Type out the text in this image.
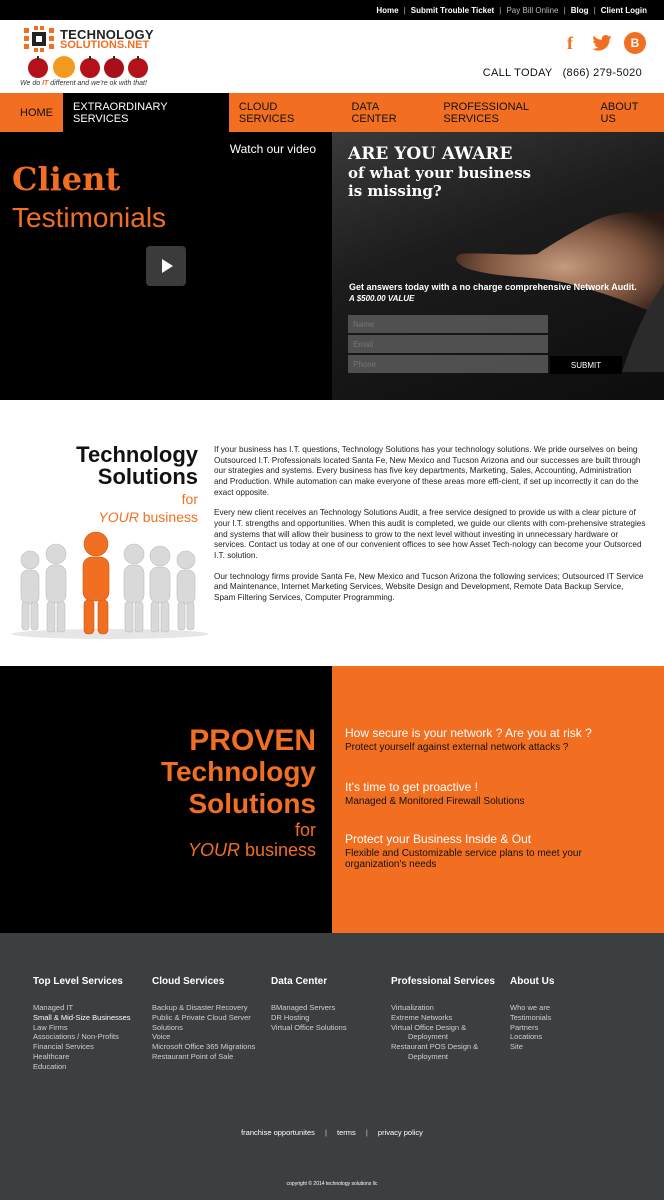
Home | Submit Trouble Ticket | Pay Bill Online | Blog | Client Login
TECHNOLOGY
SOLUTIONS.NET
We do IT different and we're ok with that!
f	B
CALL TODAY (866) 279-5020
HOME	EXTRAORDINARY SERVICES
CLOUD SERVICES
DATA CENTER
PROFESSIONAL SERVICES
ABOUT US
Watch our video
Client
Testimonials
ARE YOU AWARE
of what your business is missing?
Get answers today with a no charge comprehensive Network Audit.
A $500.00 VALUE
Name
Email
Phone
SUBMIT
Technology
Solutions
for
YOUR business

If your business has I.T. questions, Technology Solutions has your technology solutions. We pride ourselves on being Outsourced I.T. Professionals located Santa Fe, New Mexico and Tucson Arizona and our successes are built through our strategies and systems. Every business has five key departments, Marketing, Sales, Accounting, Administration and Production. While automation can make everyone of these areas more effi-cient, if set up incorrectly it can do the exact opposite.

Every new client receives an Technology Solutions Audit, a free service designed to provide us with a clear picture of your I.T. strengths and opportunities. When this audit is completed, we guide our clients with com-prehensive strategies and systems that will allow their business to grow to the next level without investing in unnecessary hardware or services. Contact us today at one of our convenient offices to see how Asset Tech-nology can become your Outsorced I.T. solution.

Our technology firms provide Santa Fe, New Mexico and Tucson Arizona the following services; Outsourced IT Service and Maintenance, Internet Marketing Services, Website Design and Development, Remote Data Backup Service, Spam Filtering Services, Computer Programming.

PROVEN
Technology
Solutions
for
YOUR business
How secure is your network ? Are you at risk ?
Protect yourself against external network attacks ?
It's time to get proactive !
Managed & Monitored Firewall Solutions
Protect your Business Inside & Out
Flexible and Customizable service plans to meet your organization's needs
Top Level Services
Managed IT
Small & Mid-Size Businesses
Law Firms
Associations / Non-Profits
Financial Services
Healthcare
Education
Cloud Services
Backup & Disaster Recovery
Public & Private Cloud Server
Solutions
Voice
Microsoft Office 365 Migrations
Restaurant Point of Sale
Data Center
BManaged Servers
DR Hosting
Virtual Office Solutions
Professional Services
Virtualization
Extreme Networks
Virtual Office Design &
Deployment
Restaurant POS Design &
Deployment
About Us
Who we are
Testimonials
Partners
Locations
Site
franchise opportunites | terms | privacy policy
copyright © 2014 technology solutions llc
